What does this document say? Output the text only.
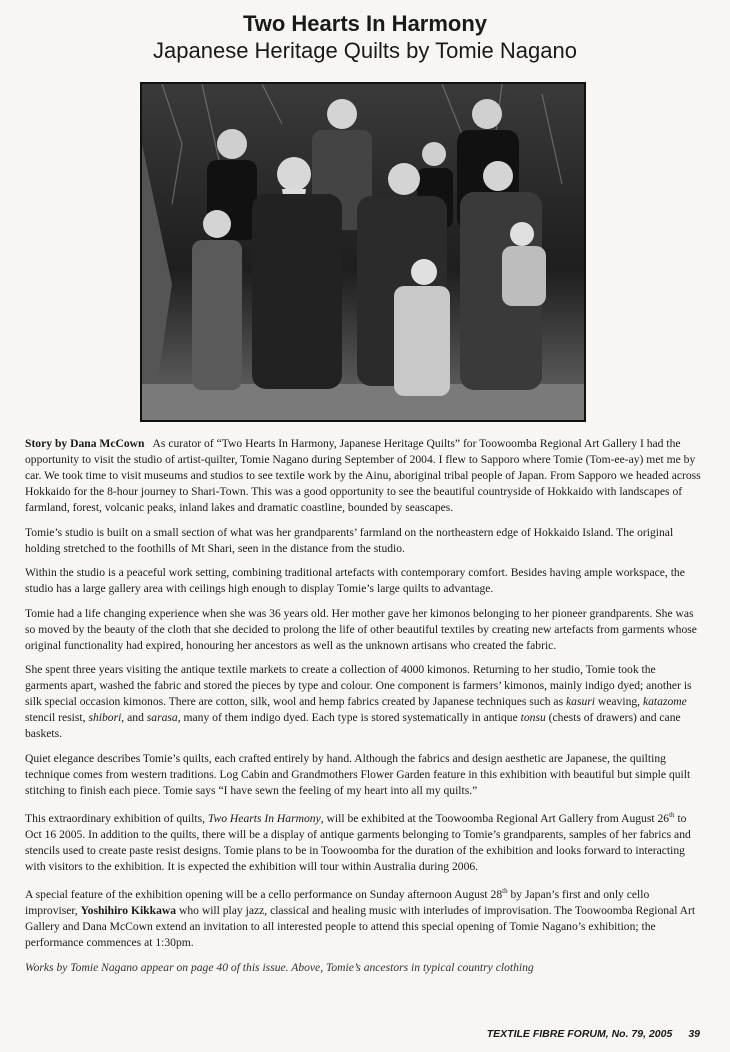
Two Hearts In Harmony
Japanese Heritage Quilts by Tomie Nagano

Story by Dana McCown As curator of “Two Hearts In Harmony, Japanese Heritage Quilts” for Toowoomba Regional Art Gallery I had the opportunity to visit the studio of artist-quilter, Tomie Nagano during September of 2004. I flew to Sapporo where Tomie (Tom-ee-ay) met me by car. We took time to visit museums and studios to see textile work by the Ainu, aboriginal tribal people of Japan. From Sapporo we headed across Hokkaido for the 8-hour journey to Shari-Town. This was a good opportunity to see the beautiful countryside of Hokkaido with landscapes of farmland, forest, volcanic peaks, inland lakes and dramatic coastline, bounded by seascapes.

Tomie’s studio is built on a small section of what was her grandparents’ farmland on the northeastern edge of Hokkaido Island. The original holding stretched to the foothills of Mt Shari, seen in the distance from the studio.

Within the studio is a peaceful work setting, combining traditional artefacts with contemporary comfort. Besides having ample workspace, the studio has a large gallery area with ceilings high enough to display Tomie’s large quilts to advantage.

Tomie had a life changing experience when she was 36 years old. Her mother gave her kimonos belonging to her pioneer grandparents. She was so moved by the beauty of the cloth that she decided to prolong the life of other beautiful textiles by creating new artefacts from garments whose original functionality had expired, honouring her ancestors as well as the unknown artisans who created the fabric.

She spent three years visiting the antique textile markets to create a collection of 4000 kimonos. Returning to her studio, Tomie took the garments apart, washed the fabric and stored the pieces by type and colour. One component is farmers’ kimonos, mainly indigo dyed; another is silk special occasion kimonos. There are cotton, silk, wool and hemp fabrics created by Japanese techniques such as kasuri weaving, katazome stencil resist, shibori, and sarasa, many of them indigo dyed. Each type is stored systematically in antique tonsu (chests of drawers) and cane baskets.

Quiet elegance describes Tomie’s quilts, each crafted entirely by hand. Although the fabrics and design aesthetic are Japanese, the quilting technique comes from western traditions. Log Cabin and Grandmothers Flower Garden feature in this exhibition with beautiful but simple quilt stitching to finish each piece. Tomie says “I have sewn the feeling of my heart into all my quilts.”

This extraordinary exhibition of quilts, Two Hearts In Harmony, will be exhibited at the Toowoomba Regional Art Gallery from August 26th to Oct 16 2005. In addition to the quilts, there will be a display of antique garments belonging to Tomie’s grandparents, samples of her fabrics and stencils used to create paste resist designs. Tomie plans to be in Toowoomba for the duration of the exhibition and looks forward to interacting with visitors to the exhibition. It is expected the exhibition will tour within Australia during 2006.

A special feature of the exhibition opening will be a cello performance on Sunday afternoon August 28th by Japan’s first and only cello improviser, Yoshihiro Kikkawa who will play jazz, classical and healing music with interludes of improvisation. The Toowoomba Regional Art Gallery and Dana McCown extend an invitation to all interested people to attend this special opening of Tomie Nagano’s exhibition; the performance commences at 1:30pm.

Works by Tomie Nagano appear on page 40 of this issue. Above, Tomie’s ancestors in typical country clothing

TEXTILE FIBRE FORUM, No. 79, 2005 39
